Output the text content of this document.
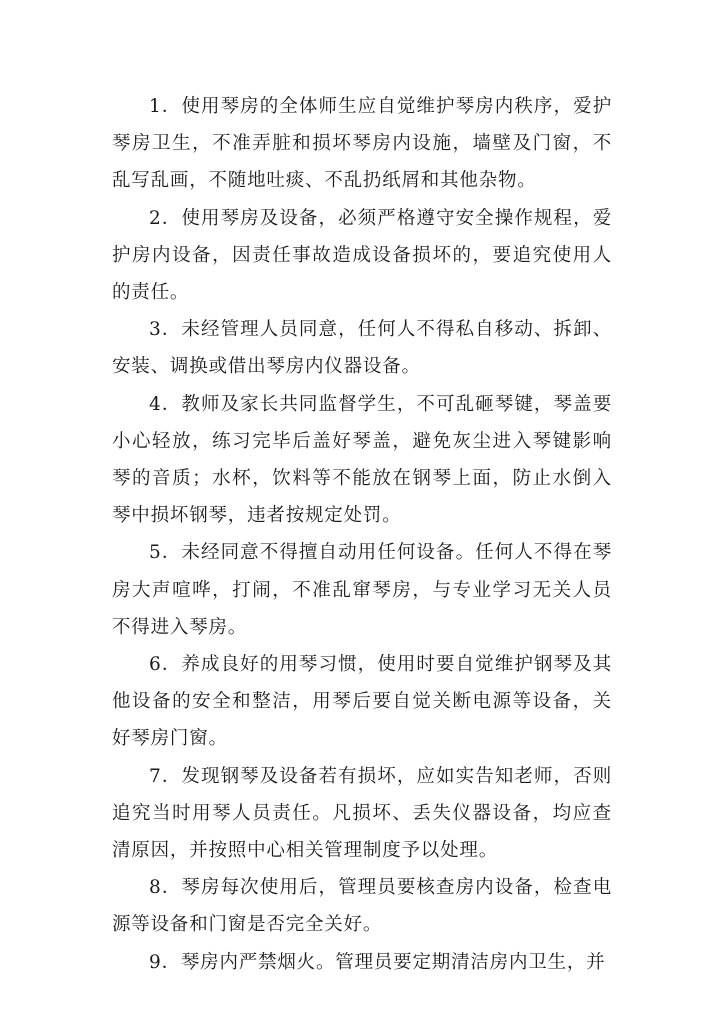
1．使用琴房的全体师生应自觉维护琴房内秩序，爱护琴房卫生，不准弄脏和损坏琴房内设施，墙壁及门窗，不乱写乱画，不随地吐痰、不乱扔纸屑和其他杂物。

2．使用琴房及设备，必须严格遵守安全操作规程，爱护房内设备，因责任事故造成设备损坏的，要追究使用人的责任。

3．未经管理人员同意，任何人不得私自移动、拆卸、安装、调换或借出琴房内仪器设备。

4．教师及家长共同监督学生，不可乱砸琴键，琴盖要小心轻放，练习完毕后盖好琴盖，避免灰尘进入琴键影响琴的音质；水杯，饮料等不能放在钢琴上面，防止水倒入琴中损坏钢琴，违者按规定处罚。

5．未经同意不得擅自动用任何设备。任何人不得在琴房大声喧哗，打闹，不准乱窜琴房，与专业学习无关人员不得进入琴房。

6．养成良好的用琴习惯，使用时要自觉维护钢琴及其他设备的安全和整洁，用琴后要自觉关断电源等设备，关好琴房门窗。

7．发现钢琴及设备若有损坏，应如实告知老师，否则追究当时用琴人员责任。凡损坏、丢失仪器设备，均应查清原因，并按照中心相关管理制度予以处理。

8．琴房每次使用后，管理员要核查房内设备，检查电源等设备和门窗是否完全关好。

9．琴房内严禁烟火。管理员要定期清洁房内卫生，并
